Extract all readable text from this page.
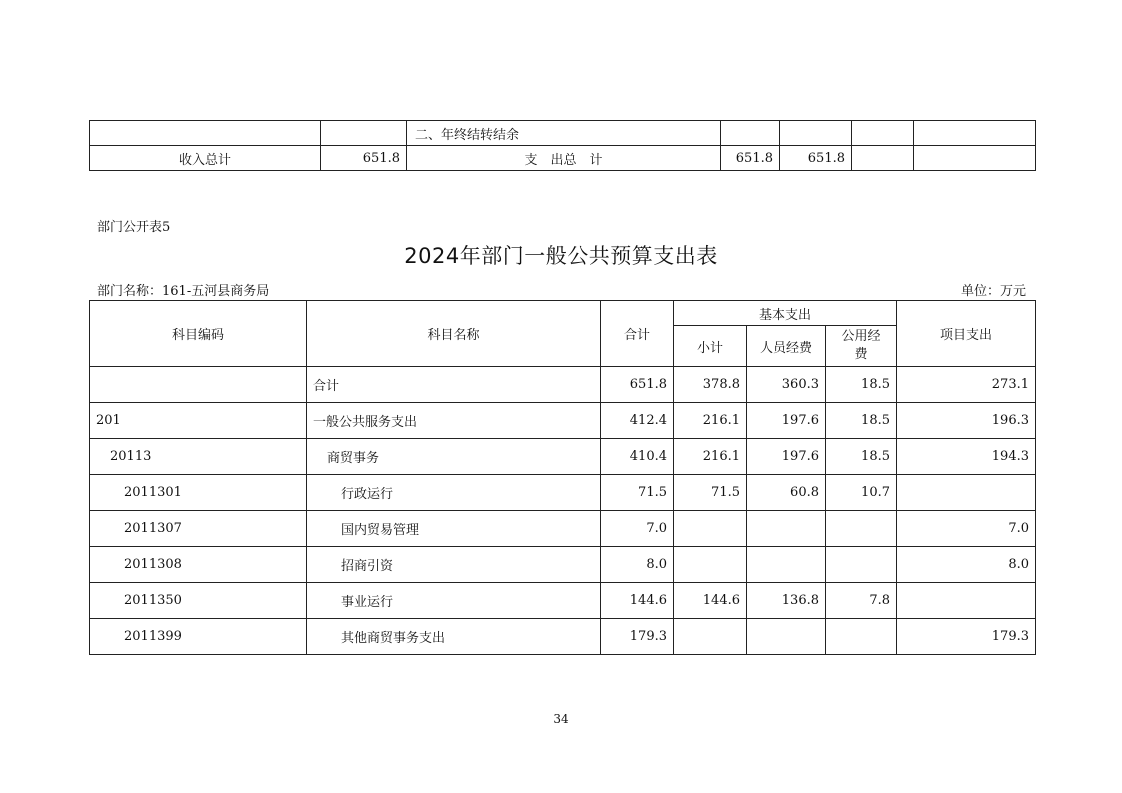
		二、年终结转结余				
收入总计	651.8	支　出总　计	651.8	651.8		
部门公开表5
2024年部门一般公共预算支出表
部门名称：161-五河县商务局	单位：万元
科目编码	科目名称	合计	基本支出			项目支出
			小计	人员经费	公用经费	
	合计	651.8	378.8	360.3	18.5	273.1
201	一般公共服务支出	412.4	216.1	197.6	18.5	196.3
20113	商贸事务	410.4	216.1	197.6	18.5	194.3
2011301	行政运行	71.5	71.5	60.8	10.7	
2011307	国内贸易管理	7.0				7.0
2011308	招商引资	8.0				8.0
2011350	事业运行	144.6	144.6	136.8	7.8	
2011399	其他商贸事务支出	179.3				179.3
34
